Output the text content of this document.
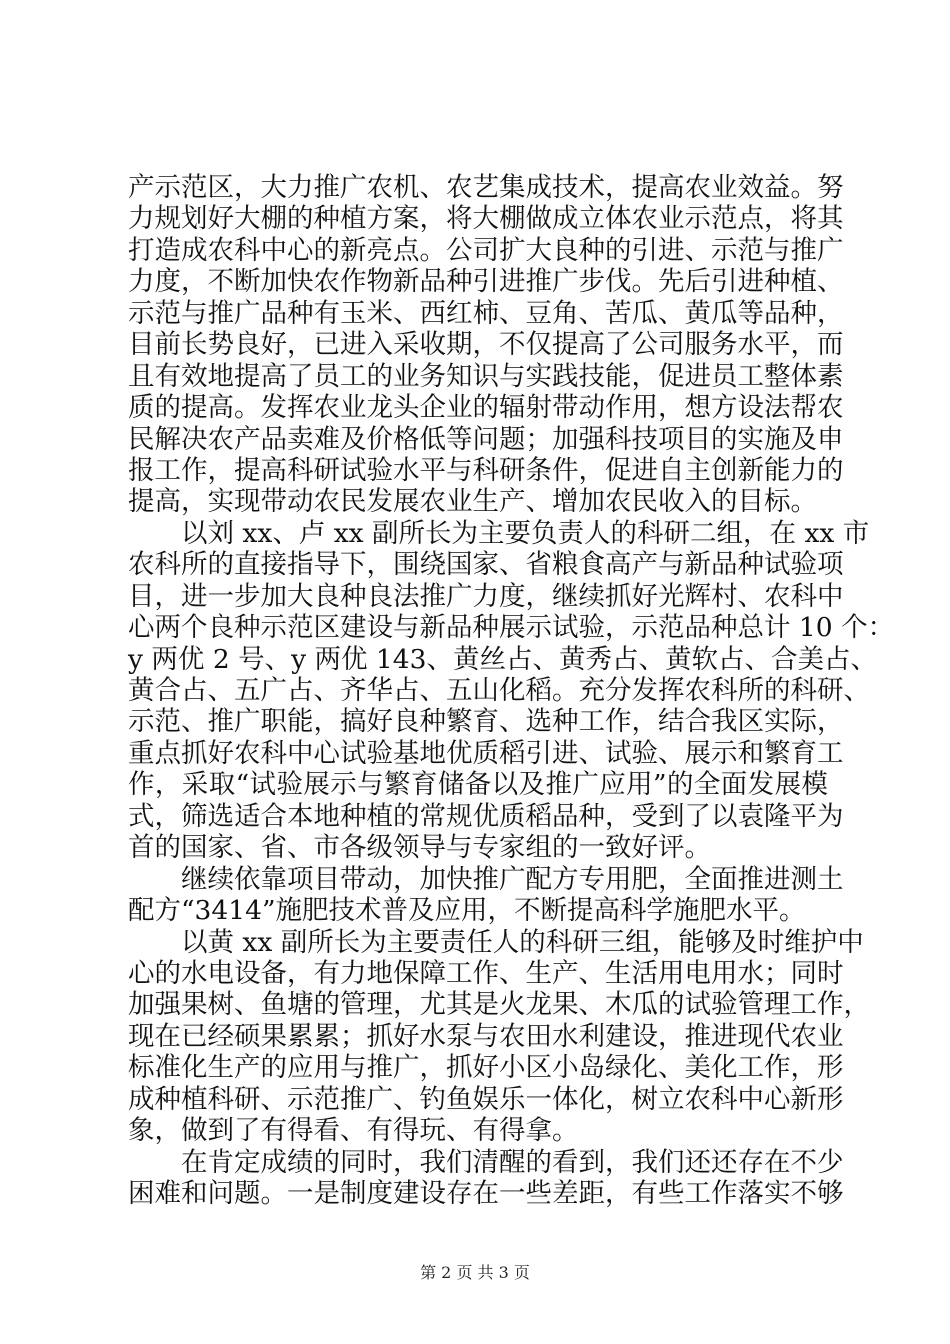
产示范区，大力推广农机、农艺集成技术，提高农业效益。努
力规划好大棚的种植方案，将大棚做成立体农业示范点，将其
打造成农科中心的新亮点。公司扩大良种的引进、示范与推广
力度，不断加快农作物新品种引进推广步伐。先后引进种植、
示范与推广品种有玉米、西红柿、豆角、苦瓜、黄瓜等品种，
目前长势良好，已进入采收期，不仅提高了公司服务水平，而
且有效地提高了员工的业务知识与实践技能，促进员工整体素
质的提高。发挥农业龙头企业的辐射带动作用，想方设法帮农
民解决农产品卖难及价格低等问题；加强科技项目的实施及申
报工作，提高科研试验水平与科研条件，促进自主创新能力的
提高，实现带动农民发展农业生产、增加农民收入的目标。
　　以刘 xx、卢 xx 副所长为主要负责人的科研二组，在 xx 市
农科所的直接指导下，围绕国家、省粮食高产与新品种试验项
目，进一步加大良种良法推广力度，继续抓好光辉村、农科中
心两个良种示范区建设与新品种展示试验，示范品种总计 10 个：
y 两优 2 号、y 两优 143、黄丝占、黄秀占、黄软占、合美占、
黄合占、五广占、齐华占、五山化稻。充分发挥农科所的科研、
示范、推广职能，搞好良种繁育、选种工作，结合我区实际，
重点抓好农科中心试验基地优质稻引进、试验、展示和繁育工
作，采取“试验展示与繁育储备以及推广应用”的全面发展模
式，筛选适合本地种植的常规优质稻品种，受到了以袁隆平为
首的国家、省、市各级领导与专家组的一致好评。
　　继续依靠项目带动，加快推广配方专用肥，全面推进测土
配方“3414”施肥技术普及应用，不断提高科学施肥水平。
　　以黄 xx 副所长为主要责任人的科研三组，能够及时维护中
心的水电设备，有力地保障工作、生产、生活用电用水；同时
加强果树、鱼塘的管理，尤其是火龙果、木瓜的试验管理工作，
现在已经硕果累累；抓好水泵与农田水利建设，推进现代农业
标准化生产的应用与推广，抓好小区小岛绿化、美化工作，形
成种植科研、示范推广、钓鱼娱乐一体化，树立农科中心新形
象，做到了有得看、有得玩、有得拿。
　　在肯定成绩的同时，我们清醒的看到，我们还还存在不少
困难和问题。一是制度建设存在一些差距，有些工作落实不够
第 2 页 共 3 页
